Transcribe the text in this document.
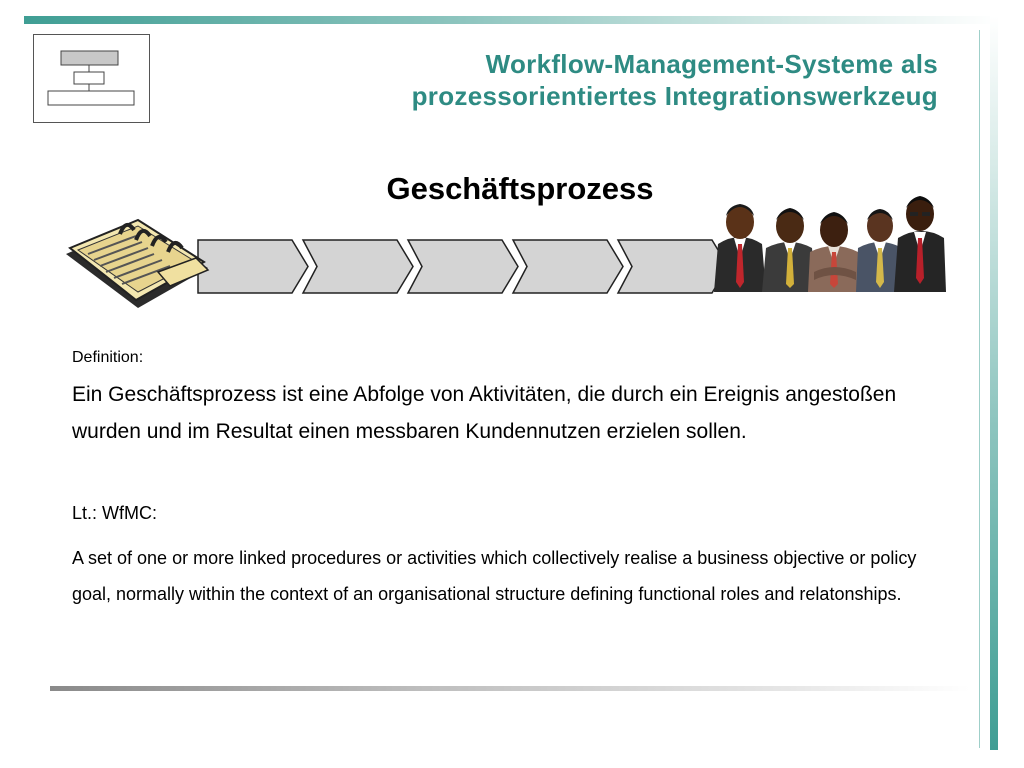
Workflow-Management-Systeme als
prozessorientiertes Integrationswerkzeug
Geschäftsprozess
Definition:
Ein Geschäftsprozess ist eine Abfolge von Aktivitäten, die durch ein Ereignis angestoßen wurden und im Resultat einen messbaren Kundennutzen erzielen sollen.
Lt.: WfMC:
A set of one or more linked procedures or activities which collectively realise a business objective or policy goal, normally within the context of an organisational structure defining functional roles and relatonships.
